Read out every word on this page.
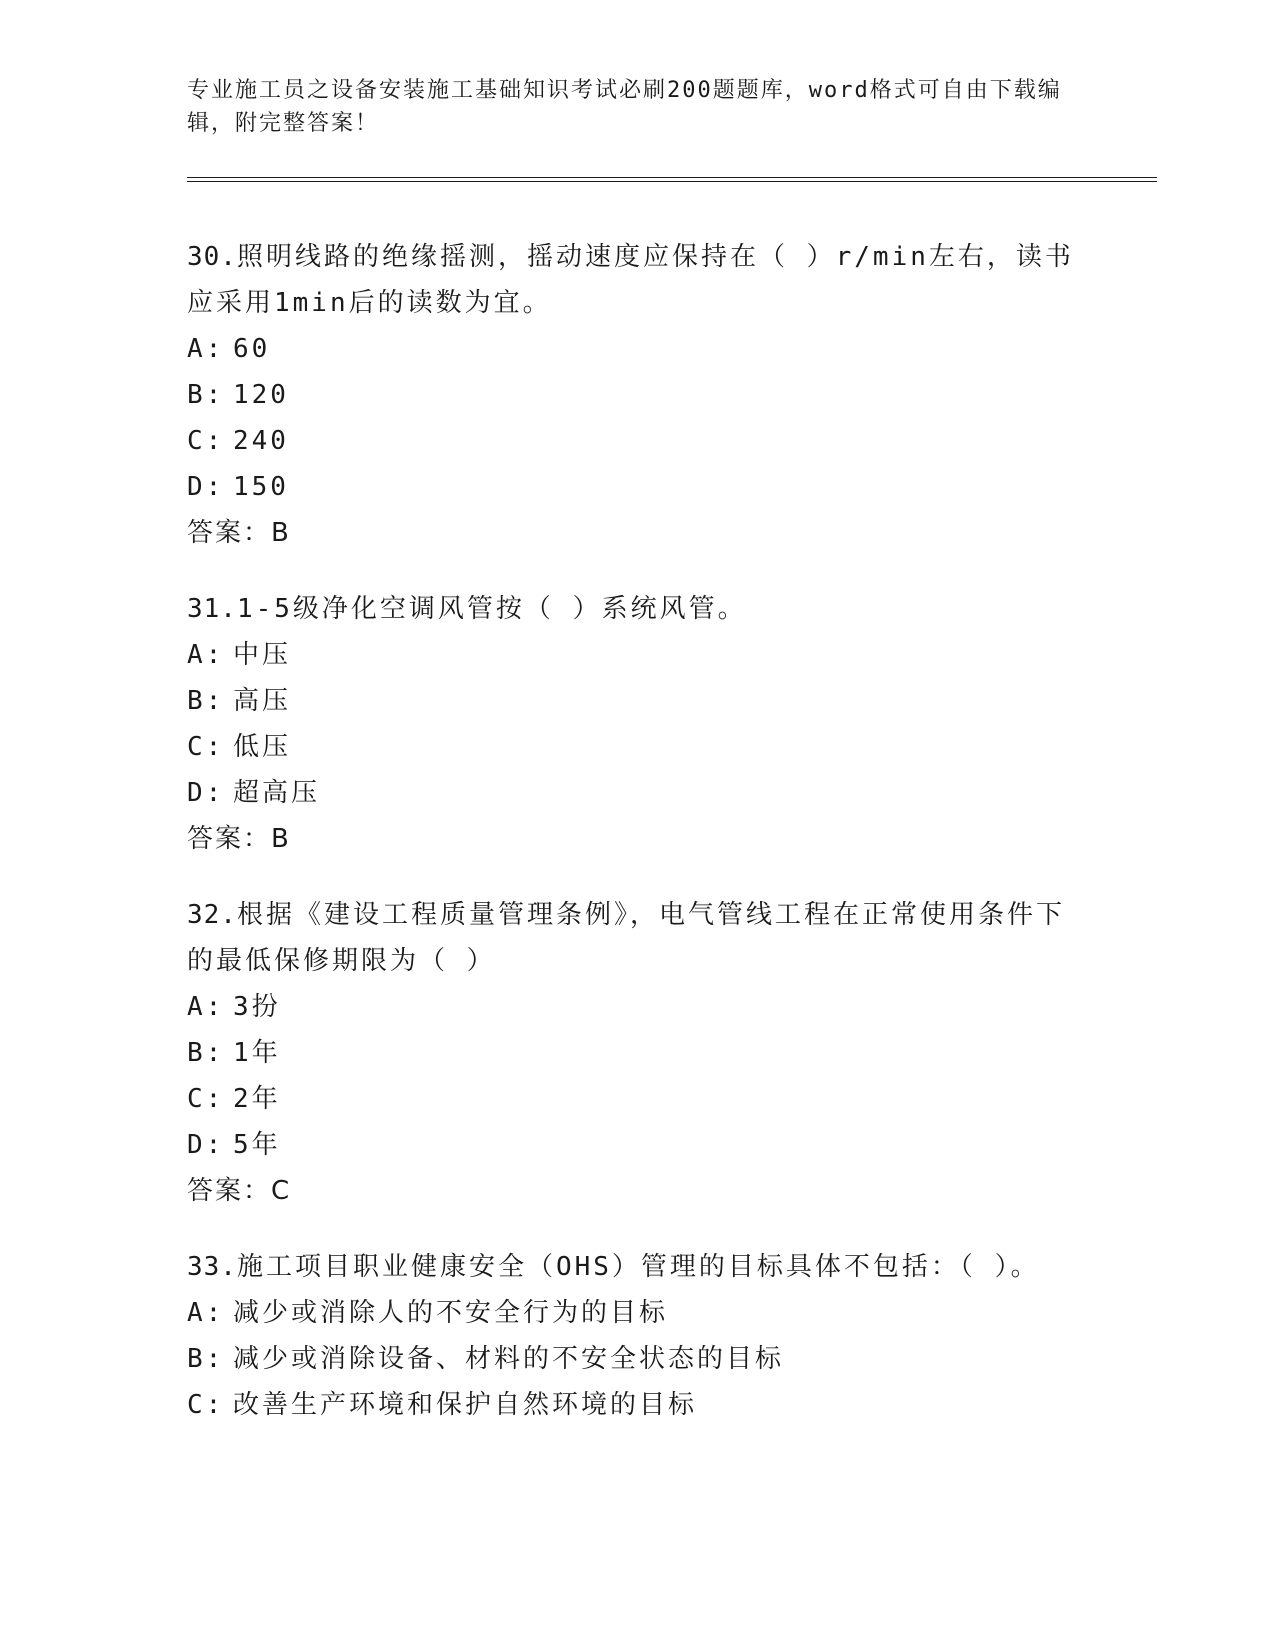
专业施工员之设备安装施工基础知识考试必刷200题题库，word格式可自由下载编辑，附完整答案！
30.照明线路的绝缘摇测，摇动速度应保持在（ ）r/min左右，读书应采用1min后的读数为宜。
A: 60
B: 120
C: 240
D: 150
答案：B
31.1-5级净化空调风管按（ ）系统风管。
A: 中压
B: 高压
C: 低压
D: 超高压
答案：B
32.根据《建设工程质量管理条例》，电气管线工程在正常使用条件下的最低保修期限为（ ）
A: 3扮
B: 1年
C: 2年
D: 5年
答案：C
33.施工项目职业健康安全（OHS）管理的目标具体不包括：（ ）。
A: 减少或消除人的不安全行为的目标
B: 减少或消除设备、材料的不安全状态的目标
C: 改善生产环境和保护自然环境的目标
